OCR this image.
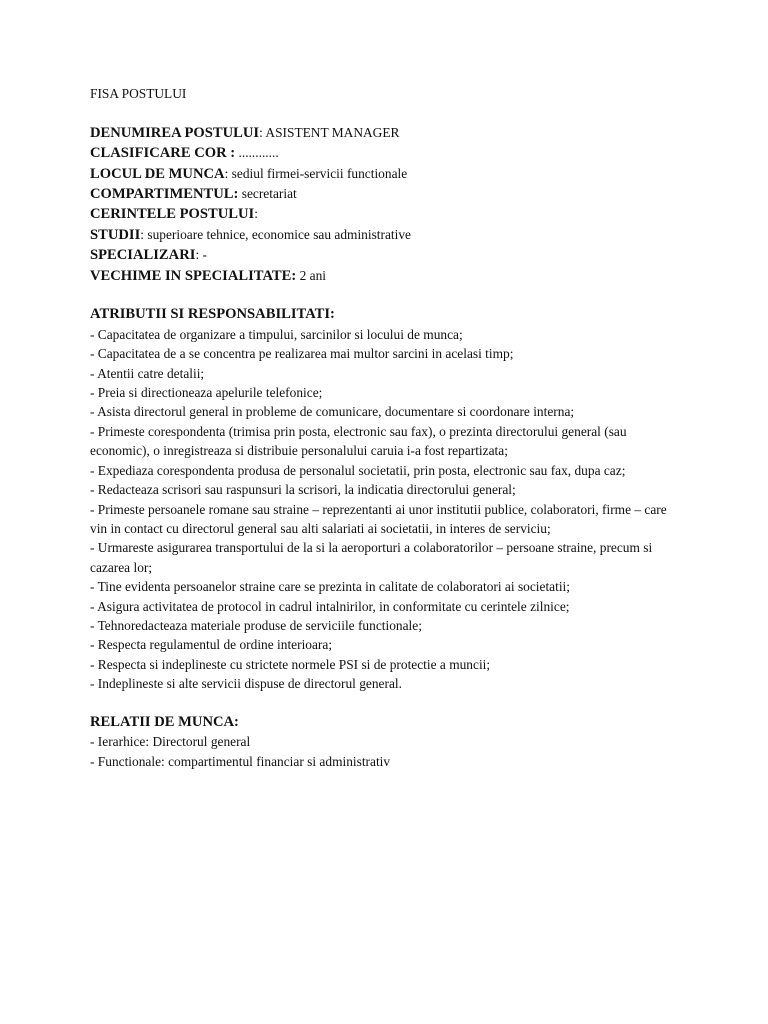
FISA POSTULUI

DENUMIREA POSTULUI: ASISTENT MANAGER

CLASIFICARE COR : ............

LOCUL DE MUNCA: sediul firmei-servicii functionale

COMPARTIMENTUL: secretariat

CERINTELE POSTULUI:

STUDII: superioare tehnice, economice sau administrative

SPECIALIZARI: -

VECHIME IN SPECIALITATE: 2 ani

ATRIBUTII SI RESPONSABILITATI:

- Capacitatea de organizare a timpului, sarcinilor si locului de munca;
- Capacitatea de a se concentra pe realizarea mai multor sarcini in acelasi timp;
- Atentii catre detalii;
- Preia si directioneaza apelurile telefonice;
- Asista directorul general in probleme de comunicare, documentare si coordonare interna;
- Primeste corespondenta (trimisa prin posta, electronic sau fax), o prezinta directorului general (sau economic), o inregistreaza si distribuie personalului caruia i-a fost repartizata;
- Expediaza corespondenta produsa de personalul societatii, prin posta, electronic sau fax, dupa caz;
- Redacteaza scrisori sau raspunsuri la scrisori, la indicatia directorului general;
- Primeste persoanele romane sau straine – reprezentanti ai unor institutii publice, colaboratori, firme – care vin in contact cu directorul general sau alti salariati ai societatii, in interes de serviciu;
- Urmareste asigurarea transportului de la si la aeroporturi a colaboratorilor – persoane straine, precum si cazarea lor;
- Tine evidenta persoanelor straine care se prezinta in calitate de colaboratori ai societatii;
- Asigura activitatea de protocol in cadrul intalnirilor, in conformitate cu cerintele zilnice;
- Tehnoredacteaza materiale produse de serviciile functionale;
- Respecta regulamentul de ordine interioara;
- Respecta si indeplineste cu strictete normele PSI si de protectie a muncii;
- Indeplineste si alte servicii dispuse de directorul general.

RELATII DE MUNCA:

- Ierarhice: Directorul general
- Functionale: compartimentul financiar si administrativ
